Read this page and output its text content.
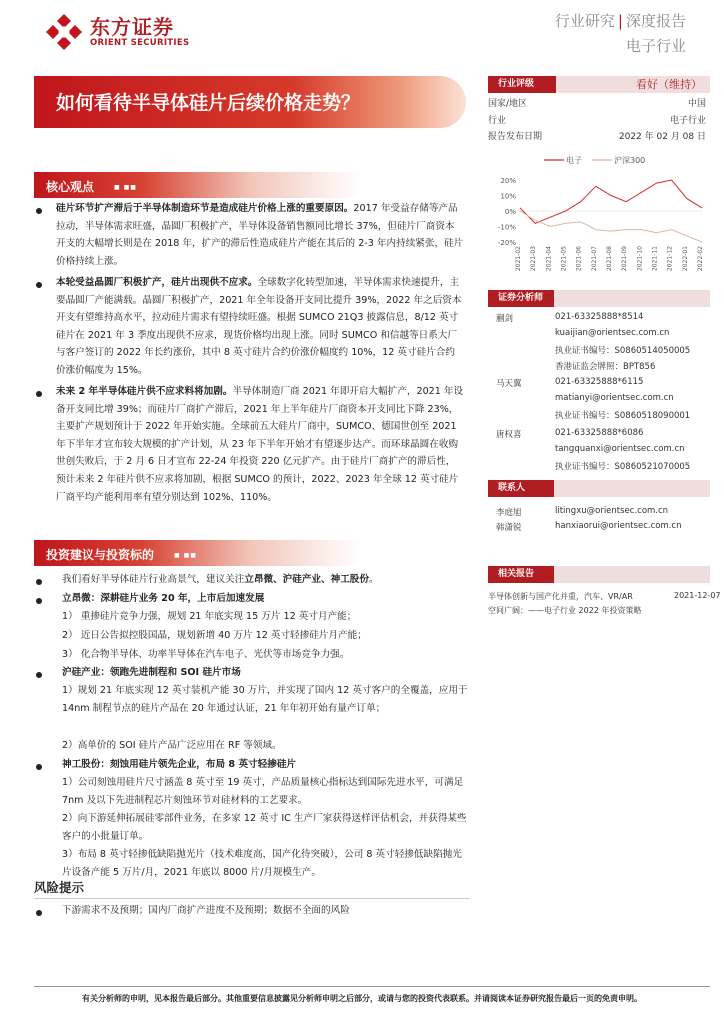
东方证券
ORIENT SECURITIES
行业研究 | 深度报告
电子行业
如何看待半导体硅片后续价格走势？
行业评级	看好（维持）
国家/地区	中国
行业	电子行业
报告发布日期	2022 年 02 月 08 日
电子	沪深300
20%
10%
0%
-10%
-20%
2021-02 2021-03 2021-04 2021-05 2021-06 2021-07 2021-08 2021-09 2021-10 2021-11 2021-12 2022-01 2022-02
证券分析师
蒯剑	021-63325888*8514
kuaijian@orientsec.com.cn
执业证书编号：S0860514050005
香港证监会牌照：BPT856
马天翼	021-63325888*6115
matianyi@orientsec.com.cn
执业证书编号：S0860518090001
唐权喜	021-63325888*6086
tangquanxi@orientsec.com.cn
执业证书编号：S0860521070005
联系人
李庭旭	litingxu@orientsec.com.cn
韩潇锐	hanxiaorui@orientsec.com.cn
相关报告
半导体创新与国产化并重，汽车、VR/AR	2021-12-07
空间广阔：——电子行业 2022 年投资策略
核心观点	■ ■■
硅片环节扩产滞后于半导体制造环节是造成硅片价格上涨的重要原因。2017 年受益存储等产品拉动，半导体需求旺盛，晶圆厂积极扩产，半导体设备销售额同比增长 37%，但硅片厂商资本开支的大幅增长则是在 2018 年，扩产的滞后性造成硅片产能在其后的 2-3 年内持续紧张，硅片价格持续上涨。
本轮受益晶圆厂积极扩产，硅片出现供不应求。全球数字化转型加速，半导体需求快速提升，主要晶圆厂产能满载。晶圆厂积极扩产，2021 年全年设备开支同比提升 39%，2022 年之后资本开支有望维持高水平，拉动硅片需求有望持续旺盛。根据 SUMCO 21Q3 披露信息，8/12 英寸硅片在 2021 年 3 季度出现供不应求，现货价格均出现上涨。同时 SUMCO 和信越等日系大厂与客户签订的 2022 年长约涨价，其中 8 英寸硅片合约价涨价幅度约 10%，12 英寸硅片合约价涨价幅度为 15%。
未来 2 年半导体硅片供不应求料将加剧。半导体制造厂商 2021 年即开启大幅扩产，2021 年设备开支同比增 39%；而硅片厂商扩产滞后，2021 年上半年硅片厂商资本开支同比下降 23%，主要扩产规划预计于 2022 年开始实施。全球前五大硅片厂商中，SUMCO、德国世创至 2021 年下半年才宣布较大规模的扩产计划，从 23 年下半年开始才有望逐步达产。而环球晶圆在收购世创失败后，于 2 月 6 日才宣布 22-24 年投资 220 亿元扩产。由于硅片厂商扩产的滞后性，预计未来 2 年硅片供不应求将加剧，根据 SUMCO 的预计，2022、2023 年全球 12 英寸硅片厂商平均产能利用率有望分别达到 102%、110%。
投资建议与投资标的	■ ■■
我们看好半导体硅片行业高景气，建议关注立昂微、沪硅产业、神工股份。
立昂微：深耕硅片业务 20 年，上市后加速发展
1） 重掺硅片竞争力强，规划 21 年底实现 15 万片 12 英寸月产能；
2） 近日公告拟控股国晶，规划新增 40 万片 12 英寸轻掺硅片月产能；
3） 化合物半导体、功率半导体在汽车电子、光伏等市场竞争力强。
沪硅产业：领跑先进制程和 SOI 硅片市场
1）规划 21 年底实现 12 英寸装机产能 30 万片，并实现了国内 12 英寸客户的全覆盖，应用于 14nm 制程节点的硅片产品在 20 年通过认证，21 年年初开始有量产订单；
2）高单价的 SOI 硅片产品广泛应用在 RF 等领域。
神工股份：刻蚀用硅片领先企业，布局 8 英寸轻掺硅片
1）公司刻蚀用硅片尺寸涵盖 8 英寸至 19 英寸，产品质量核心指标达到国际先进水平，可满足 7nm 及以下先进制程芯片刻蚀环节对硅材料的工艺要求。
2）向下游延伸拓展硅零部件业务，在多家 12 英寸 IC 生产厂家获得送样评估机会，并获得某些客户的小批量订单。
3）布局 8 英寸轻掺低缺陷抛光片（技术难度高，国产化待突破），公司 8 英寸轻掺低缺陷抛光片设备产能 5 万片/月，2021 年底以 8000 片/月规模生产。
风险提示
下游需求不及预期；国内厂商扩产进度不及预期；数据不全面的风险
有关分析师的申明，见本报告最后部分。其他重要信息披露见分析师申明之后部分，或请与您的投资代表联系。并请阅读本证券研究报告最后一页的免责申明。
